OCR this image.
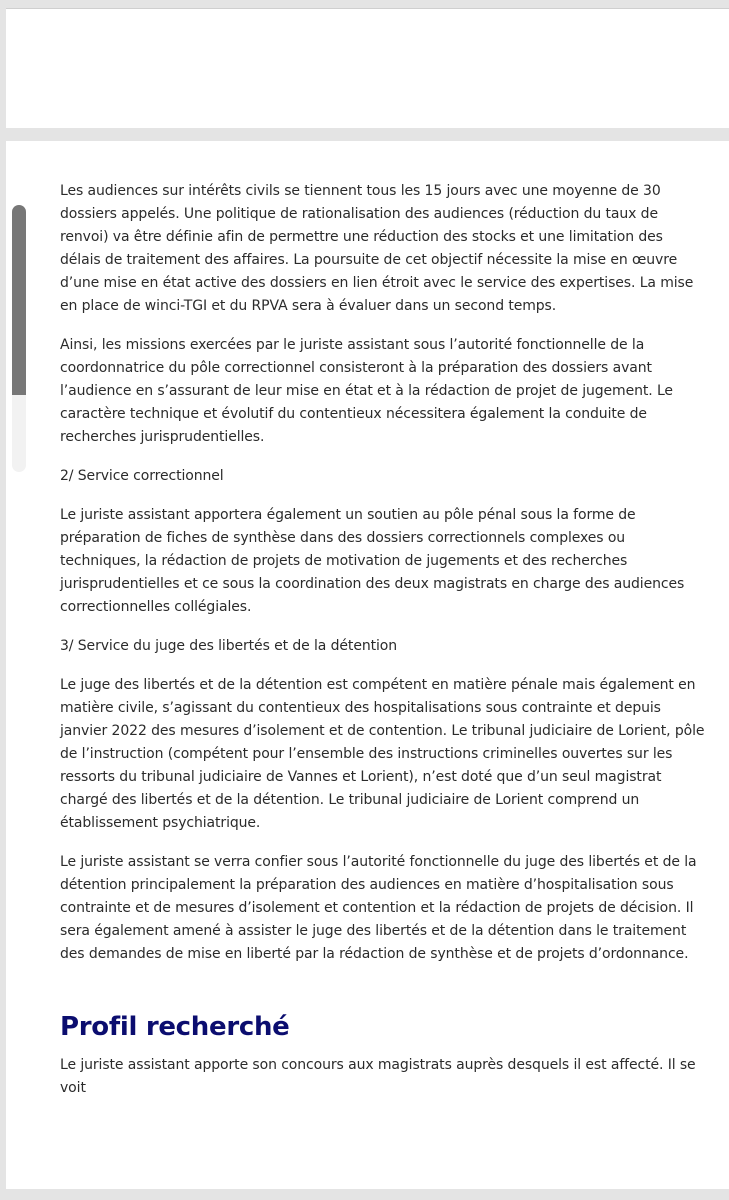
Les audiences sur intérêts civils se tiennent tous les 15 jours avec une moyenne de 30 dossiers appelés. Une politique de rationalisation des audiences (réduction du taux de renvoi) va être définie afin de permettre une réduction des stocks et une limitation des délais de traitement des affaires. La poursuite de cet objectif nécessite la mise en œuvre d’une mise en état active des dossiers en lien étroit avec le service des expertises. La mise en place de winci-TGI et du RPVA sera à évaluer dans un second temps.

Ainsi, les missions exercées par le juriste assistant sous l’autorité fonctionnelle de la coordonnatrice du pôle correctionnel consisteront à la préparation des dossiers avant l’audience en s’assurant de leur mise en état et à la rédaction de projet de jugement. Le caractère technique et évolutif du contentieux nécessitera également la conduite de recherches jurisprudentielles.

2/ Service correctionnel

Le juriste assistant apportera également un soutien au pôle pénal sous la forme de préparation de fiches de synthèse dans des dossiers correctionnels complexes ou techniques, la rédaction de projets de motivation de jugements et des recherches jurisprudentielles et ce sous la coordination des deux magistrats en charge des audiences correctionnelles collégiales.

3/ Service du juge des libertés et de la détention

Le juge des libertés et de la détention est compétent en matière pénale mais également en matière civile, s’agissant du contentieux des hospitalisations sous contrainte et depuis janvier 2022 des mesures d’isolement et de contention. Le tribunal judiciaire de Lorient, pôle de l’instruction (compétent pour l’ensemble des instructions criminelles ouvertes sur les ressorts du tribunal judiciaire de Vannes et Lorient), n’est doté que d’un seul magistrat chargé des libertés et de la détention. Le tribunal judiciaire de Lorient comprend un établissement psychiatrique.

Le juriste assistant se verra confier sous l’autorité fonctionnelle du juge des libertés et de la détention principalement la préparation des audiences en matière d’hospitalisation sous contrainte et de mesures d’isolement et contention et la rédaction de projets de décision. Il sera également amené à assister le juge des libertés et de la détention dans le traitement des demandes de mise en liberté par la rédaction de synthèse et de projets d’ordonnance.

Profil recherché

Le juriste assistant apporte son concours aux magistrats auprès desquels il est affecté. Il se voit
